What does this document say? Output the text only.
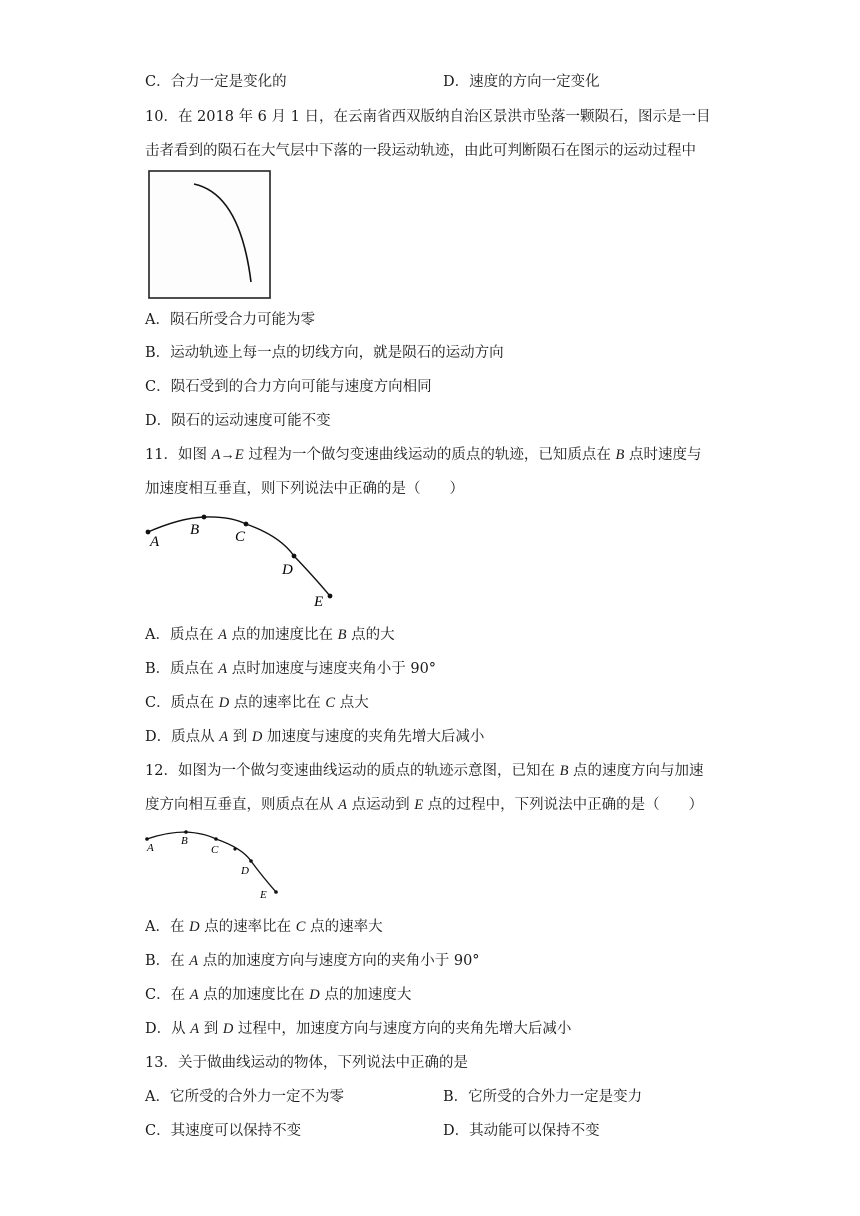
C．合力一定是变化的	D．速度的方向一定变化
10．在 2018 年 6 月 1 日，在云南省西双版纳自治区景洪市坠落一颗陨石，图示是一目
击者看到的陨石在大气层中下落的一段运动轨迹，由此可判断陨石在图示的运动过程中
A．陨石所受合力可能为零
B．运动轨迹上每一点的切线方向，就是陨石的运动方向
C．陨石受到的合力方向可能与速度方向相同
D．陨石的运动速度可能不变
11．如图 A→E 过程为一个做匀变速曲线运动的质点的轨迹，已知质点在 B 点时速度与
加速度相互垂直，则下列说法中正确的是（　　）
A
B C
D
E
A．质点在 A 点的加速度比在 B 点的大
B．质点在 A 点时加速度与速度夹角小于 90°
C．质点在 D 点的速率比在 C 点大
D．质点从 A 到 D 加速度与速度的夹角先增大后减小
12．如图为一个做匀变速曲线运动的质点的轨迹示意图，已知在 B 点的速度方向与加速
度方向相互垂直，则质点在从 A 点运动到 E 点的过程中，下列说法中正确的是（　　）
A
B
C
D
E
A．在 D 点的速率比在 C 点的速率大
B．在 A 点的加速度方向与速度方向的夹角小于 90°
C．在 A 点的加速度比在 D 点的加速度大
D．从 A 到 D 过程中，加速度方向与速度方向的夹角先增大后减小
13．关于做曲线运动的物体，下列说法中正确的是
A．它所受的合外力一定不为零	B．它所受的合外力一定是变力
C．其速度可以保持不变	D．其动能可以保持不变
